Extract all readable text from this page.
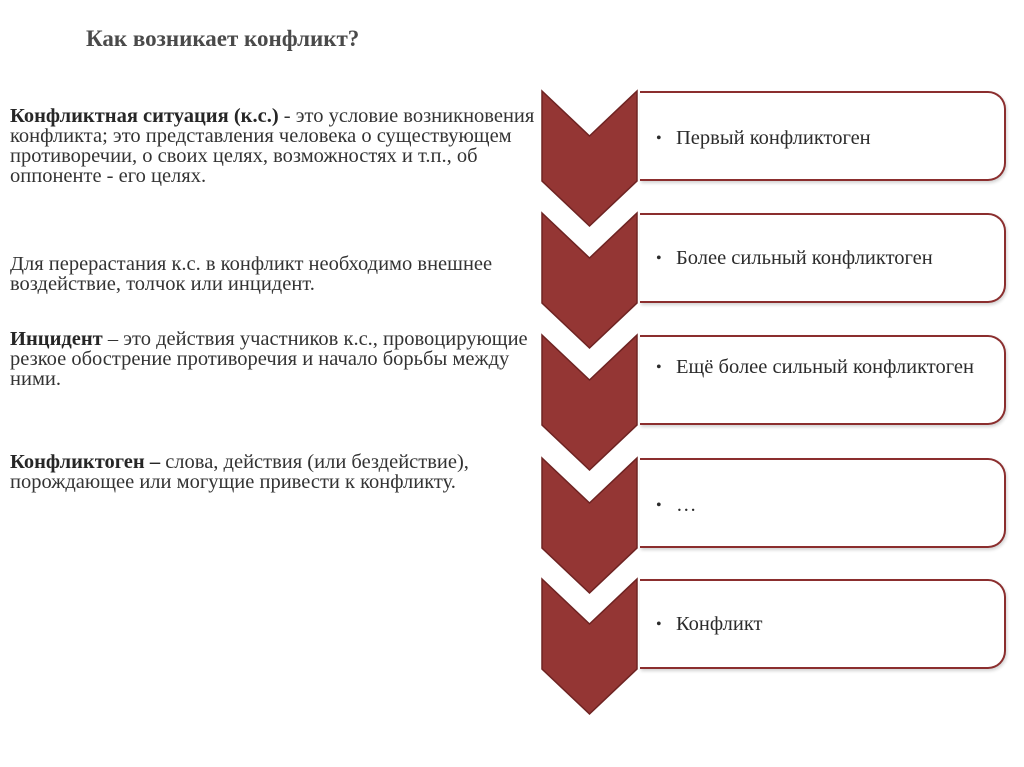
Как возникает конфликт?
Конфликтная ситуация (к.с.) - это условие возникновения конфликта; это представления человека о существующем противоречии, о своих целях, возможностях и т.п., об оппоненте - его целях.
Для перерастания к.с. в конфликт необходимо внешнее воздействие, толчок или инцидент.
Инцидент – это действия участников к.с., провоцирующие резкое обострение противоречия и начало борьбы между ними.
Конфликтоген – слова, действия (или бездействие), порождающее или могущие привести к конфликту.
• Первый конфликтоген
• Более сильный конфликтоген
• Ещё более сильный конфликтоген
• …
• Конфликт
